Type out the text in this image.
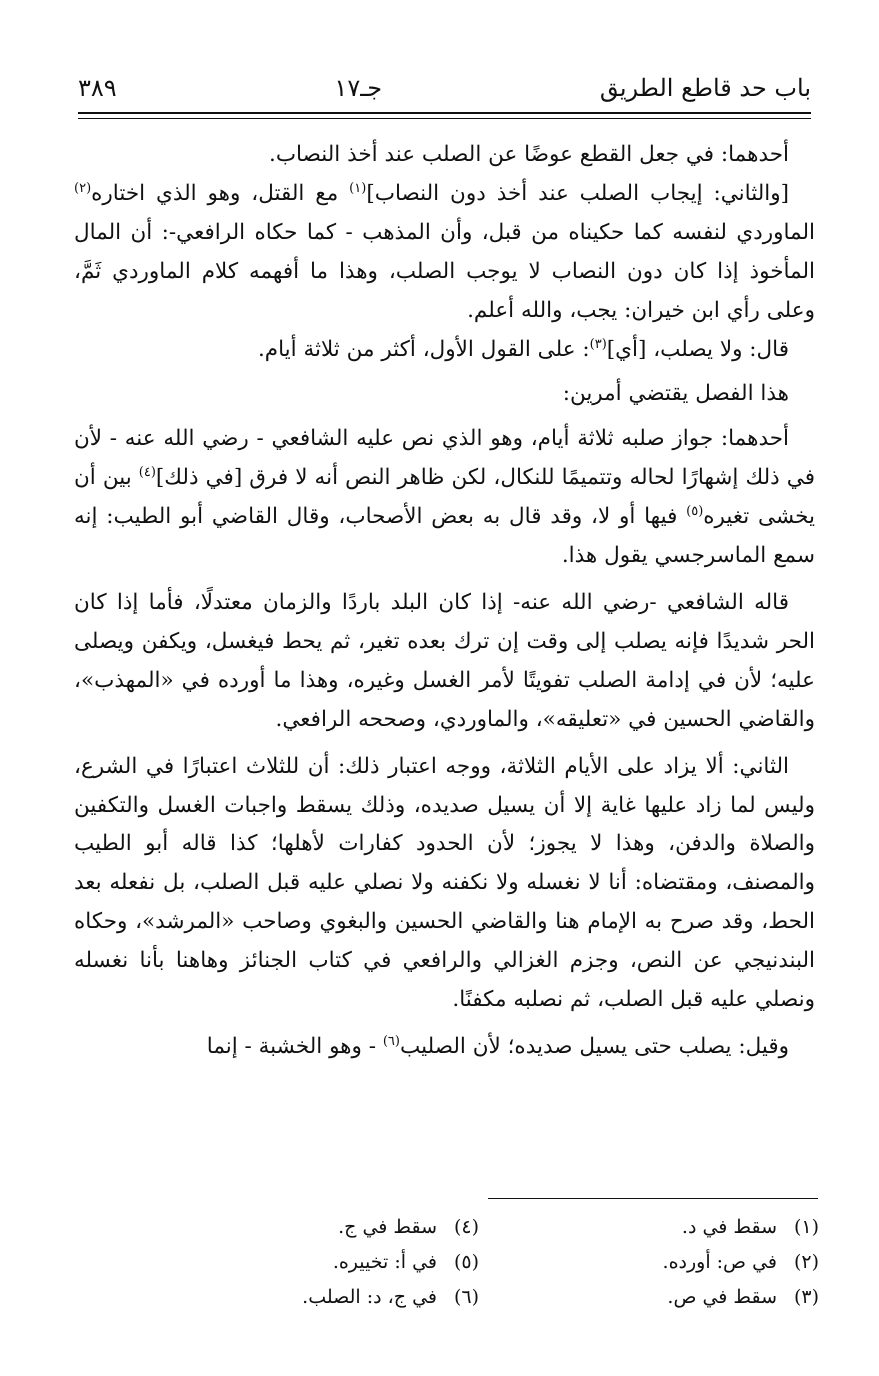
باب حد قاطع الطريق
جـ١٧
٣٨٩

أحدهما: في جعل القطع عوضًا عن الصلب عند أخذ النصاب.

[والثاني: إيجاب الصلب عند أخذ دون النصاب]$^{(١)}$ مع القتل، وهو الذي اختاره$^{(٢)}$ الماوردي لنفسه كما حكيناه من قبل، وأن المذهب - كما حكاه الرافعي-: أن المال المأخوذ إذا كان دون النصاب لا يوجب الصلب، وهذا ما أفهمه كلام الماوردي ثَمَّ، وعلى رأي ابن خيران: يجب، والله أعلم.

قال: ولا يصلب، [أي]$^{(٣)}$: على القول الأول، أكثر من ثلاثة أيام.

هذا الفصل يقتضي أمرين:

أحدهما: جواز صلبه ثلاثة أيام، وهو الذي نص عليه الشافعي - رضي الله عنه - لأن في ذلك إشهارًا لحاله وتتميمًا للنكال، لكن ظاهر النص أنه لا فرق [في ذلك]$^{(٤)}$ بين أن يخشى تغيره$^{(٥)}$ فيها أو لا، وقد قال به بعض الأصحاب، وقال القاضي أبو الطيب: إنه سمع الماسرجسي يقول هذا.

قاله الشافعي -رضي الله عنه- إذا كان البلد باردًا والزمان معتدلًا، فأما إذا كان الحر شديدًا فإنه يصلب إلى وقت إن ترك بعده تغير، ثم يحط فيغسل، ويكفن ويصلى عليه؛ لأن في إدامة الصلب تفويتًا لأمر الغسل وغيره، وهذا ما أورده في «المهذب»، والقاضي الحسين في «تعليقه»، والماوردي، وصححه الرافعي.

الثاني: ألا يزاد على الأيام الثلاثة، ووجه اعتبار ذلك: أن للثلاث اعتبارًا في الشرع، وليس لما زاد عليها غاية إلا أن يسيل صديده، وذلك يسقط واجبات الغسل والتكفين والصلاة والدفن، وهذا لا يجوز؛ لأن الحدود كفارات لأهلها؛ كذا قاله أبو الطيب والمصنف، ومقتضاه: أنا لا نغسله ولا نكفنه ولا نصلي عليه قبل الصلب، بل نفعله بعد الحط، وقد صرح به الإمام هنا والقاضي الحسين والبغوي وصاحب «المرشد»، وحكاه البندنيجي عن النص، وجزم الغزالي والرافعي في كتاب الجنائز وهاهنا بأنا نغسله ونصلي عليه قبل الصلب، ثم نصلبه مكفنًا.

وقيل: يصلب حتى يسيل صديده؛ لأن الصليب$^{(٦)}$ - وهو الخشبة - إنما

(١)سقط في د.
(٢)في ص: أورده.
(٣)سقط في ص.
(٤)سقط في ج.
(٥)في أ: تخييره.
(٦)في ج، د: الصلب.
